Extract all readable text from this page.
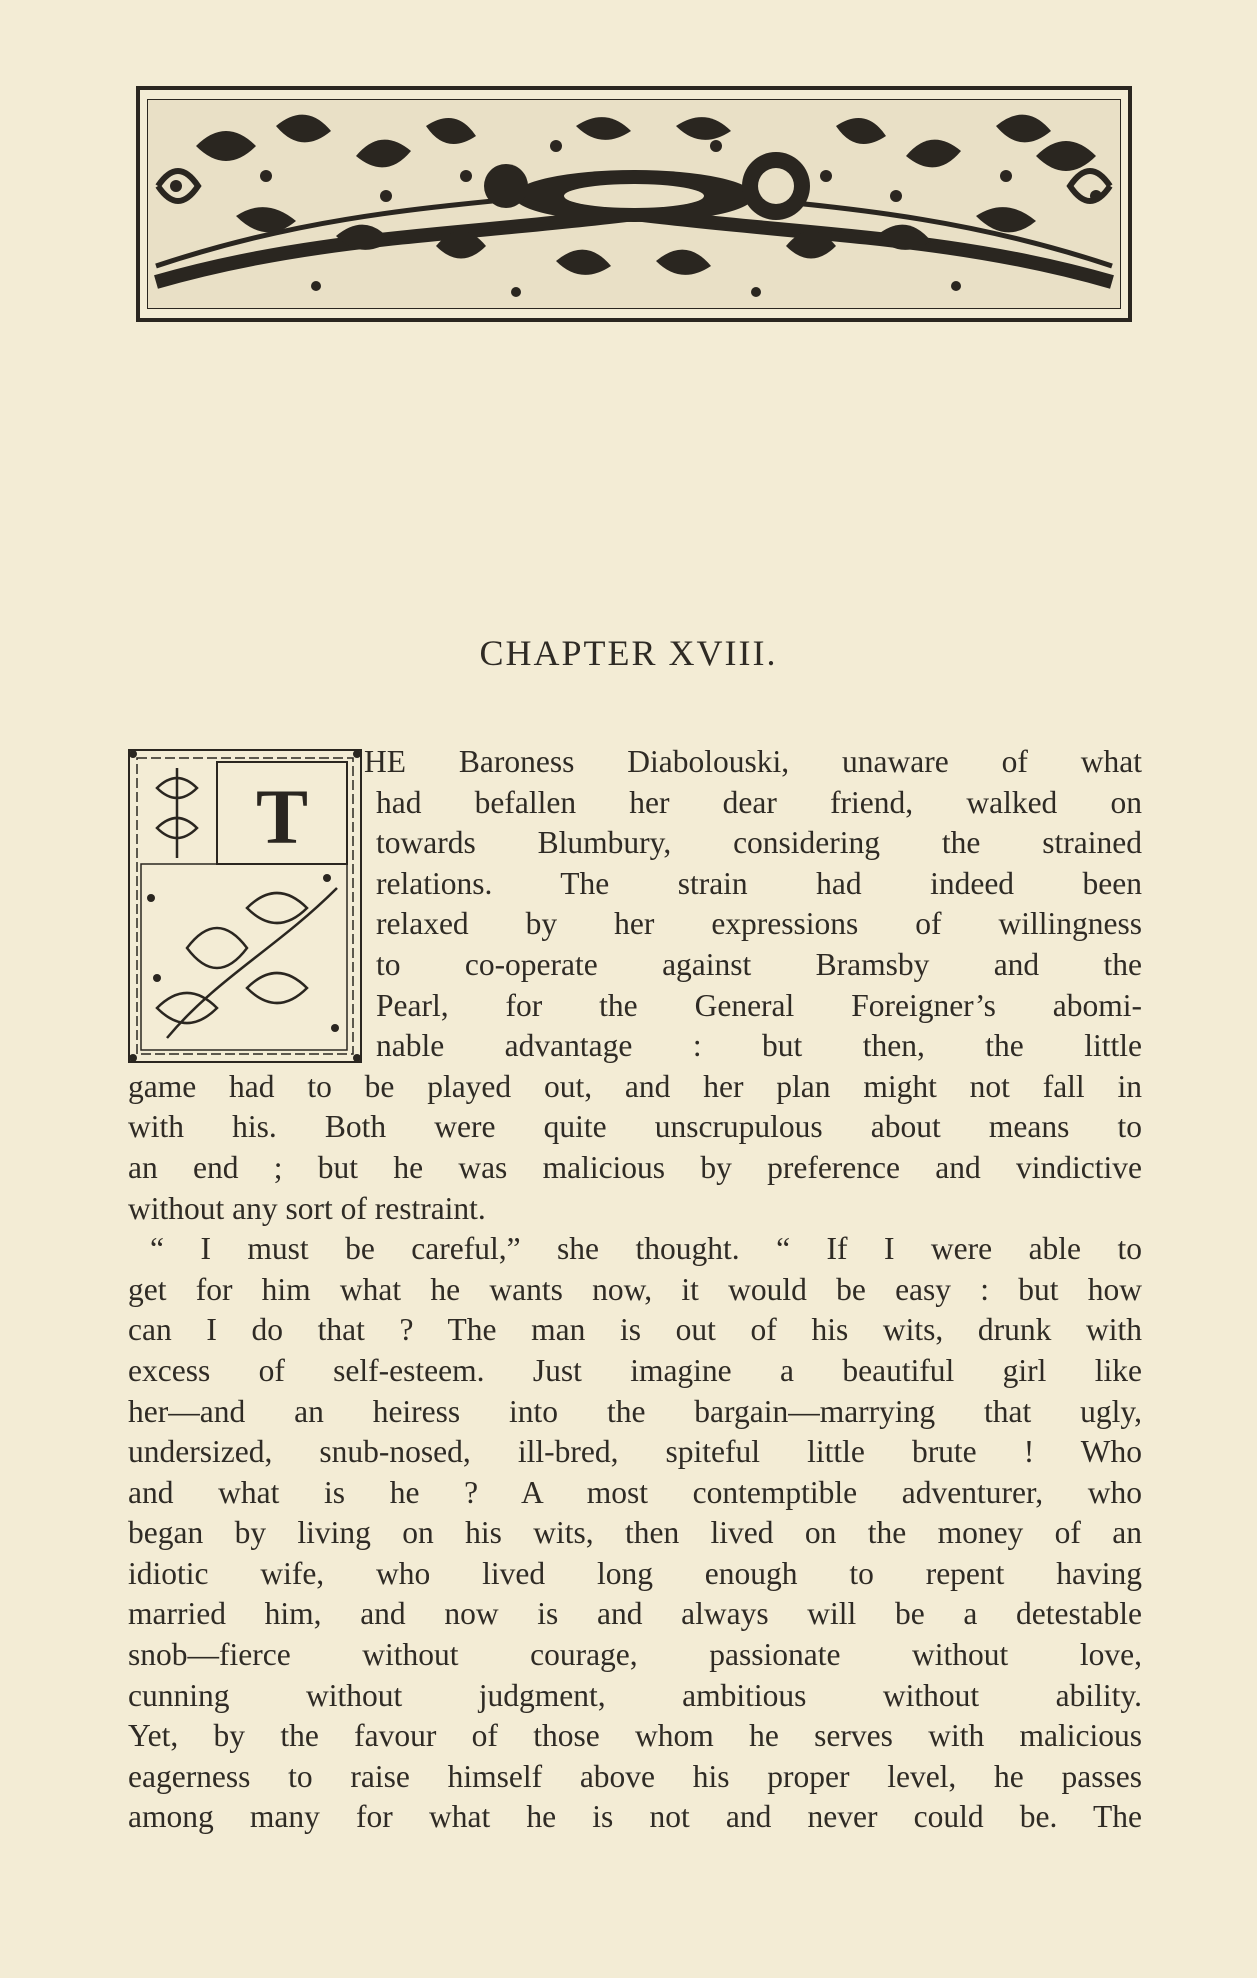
CHAPTER XVIII.
T
HE Baroness Diabolouski, unaware of what
had befallen her dear friend, walked on
towards Blumbury, considering the strained
relations. The strain had indeed been
relaxed by her expressions of willingness
to co-operate against Bramsby and the
Pearl, for the General Foreigner’s abomi-
nable advantage : but then, the little
game had to be played out, and her plan might not fall in
with his. Both were quite unscrupulous about means to
an end ; but he was malicious by preference and vindictive
without any sort of restraint.
“ I must be careful,” she thought. “ If I were able to
get for him what he wants now, it would be easy : but how
can I do that ? The man is out of his wits, drunk with
excess of self-esteem. Just imagine a beautiful girl like
her—and an heiress into the bargain—marrying that ugly,
undersized, snub-nosed, ill-bred, spiteful little brute ! Who
and what is he ? A most contemptible adventurer, who
began by living on his wits, then lived on the money of an
idiotic wife, who lived long enough to repent having
married him, and now is and always will be a detestable
snob—fierce without courage, passionate without love,
cunning without judgment, ambitious without ability.
Yet, by the favour of those whom he serves with malicious
eagerness to raise himself above his proper level, he passes
among many for what he is not and never could be. The
